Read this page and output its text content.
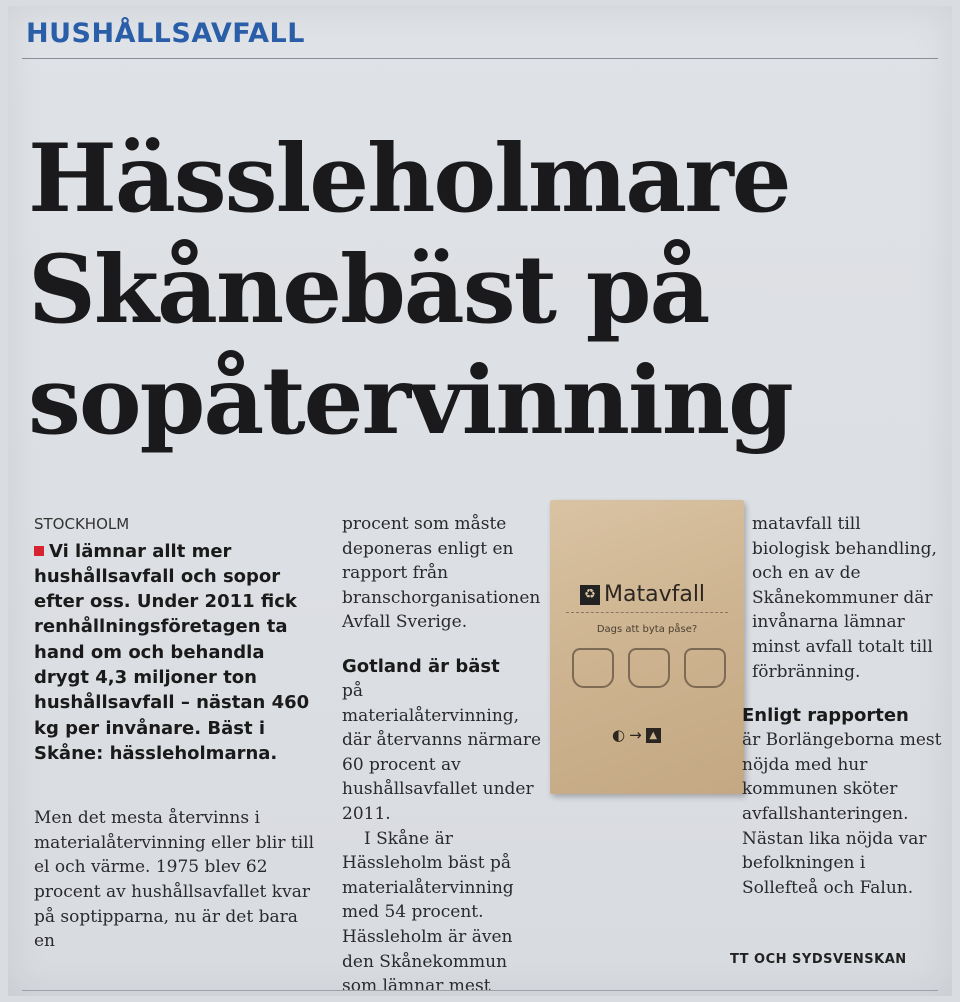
HUSHÅLLSAVFALL
Hässleholmare
Skånebäst på
sopåtervinning
STOCKHOLM
Vi lämnar allt mer hushållsavfall och sopor efter oss. Under 2011 fick renhållningsföretagen ta hand om och behandla drygt 4,3 miljoner ton hushållsavfall – nästan 460 kg per invånare. Bäst i Skåne: hässleholmarna.

Men det mesta återvinns i materialåtervinning eller blir till el och värme. 1975 blev 62 procent av hushållsavfallet kvar på soptipparna, nu är det bara en

procent som måste deponeras enligt en rapport från branschorganisationen Avfall Sverige.

Gotland är bäst

på materialåtervinning, där återvanns närmare 60 procent av hushållsavfallet under 2011.

I Skåne är Hässleholm bäst på materialåtervinning med 54 procent. Hässleholm är även den Skånekommun som lämnar mest

♻ Matavfall
Dags att byta påse?
◐ → ▲

matavfall till biologisk behandling, och en av de Skånekommuner där invånarna lämnar minst avfall totalt till förbränning.

Enligt rapporten

är Borlängeborna mest nöjda med hur kommunen sköter avfallshanteringen. Nästan lika nöjda var befolkningen i Sollefteå och Falun.

TT OCH SYDSVENSKAN
